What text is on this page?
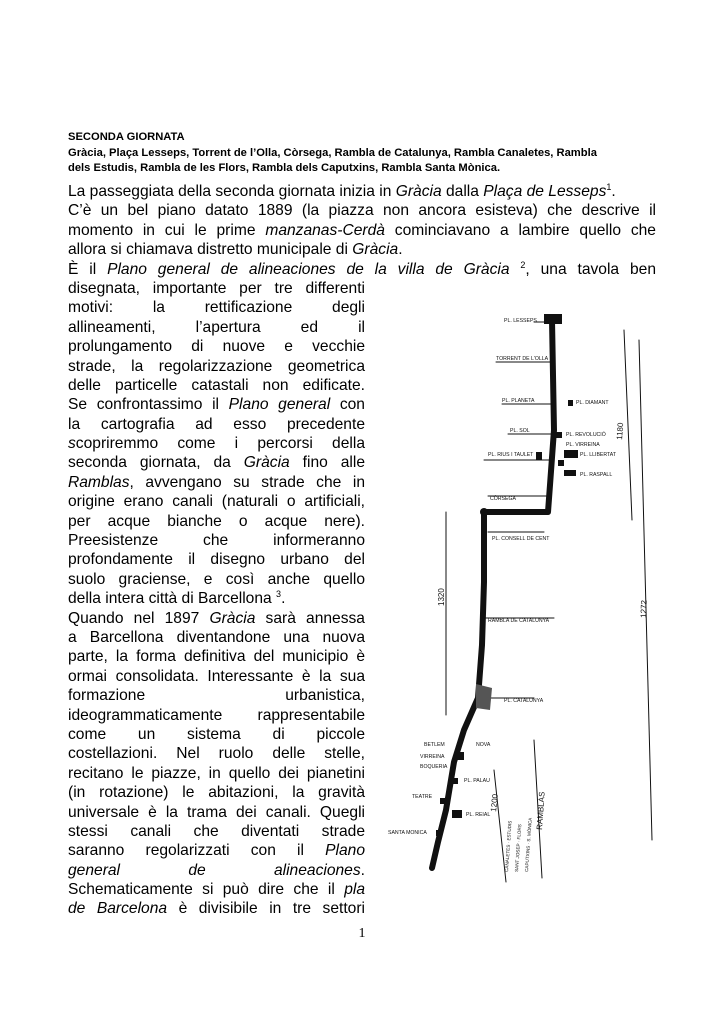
SECONDA GIORNATA
Gràcia, Plaça Lesseps, Torrent de l’Olla, Còrsega, Rambla de Catalunya, Rambla Canaletes, Rambla
dels Estudis, Rambla de les Flors, Rambla dels Caputxins, Rambla Santa Mònica.
La passeggiata della seconda giornata inizia in Gràcia dalla Plaça de Lesseps$^1$.
C’è un bel piano datato 1889 (la piazza non ancora esisteva) che descrive il
momento in cui le prime manzanas-Cerdà cominciavano a lambire quello che
allora si chiamava distretto municipale di Gràcia.
È il Plano general de alineaciones de la villa de Gràcia $^2$, una tavola ben
disegnata, importante per tre differenti
motivi: la rettificazione degli
allineamenti, l’apertura ed il
prolungamento di nuove e vecchie
strade, la regolarizzazione geometrica
delle particelle catastali non edificate.
Se confrontassimo il Plano general con
la cartografia ad esso precedente
scopriremmo come i percorsi della
seconda giornata, da Gràcia fino alle
Ramblas, avvengano su strade che in
origine erano canali (naturali o artificiali,
per acque bianche o acque nere).
Preesistenze che informeranno
profondamente il disegno urbano del
suolo graciense, e così anche quello
della intera città di Barcellona $^3$.
Quando nel 1897 Gràcia sarà annessa
a Barcellona diventandone una nuova
parte, la forma definitiva del municipio è
ormai consolidata. Interessante è la sua
formazione urbanistica,
ideogrammaticamente rappresentabile
come un sistema di piccole
costellazioni. Nel ruolo delle stelle,
recitano le piazze, in quello dei pianetini
(in rotazione) le abitazioni, la gravità
universale è la trama dei canali. Quegli
stessi canali che diventati strade
saranno regolarizzati con il Plano
general	de	alineaciones.
Schematicamente si può dire che il pla
de Barcelona è divisibile in tre settori
PL. LESSEPS
TORRENT DE L'OLLA
PL. PLANETA	PL. DIAMANT
PL. SOL
PL. REVOLUCIÓ
PL. VIRREINA
PL. RIUS I TAULET	PL. LLIBERTAT
PL. RASPALL
CÒRSEGA
PL. CONSELL DE CENT
RAMBLA DE CATALUNYA
PL. CATALUNYA
BETLEM	NOVA
VIRREINA
BOQUERIA
PL. PALAU
TEATRE
PL. REIAL
SANTA MONICA
1180
1272
1320
1200	RAMBLAS
CANALETES · ESTUDIS SANT JOSEP · FLORS CAPUTXINS · S. MÒNICA
1
